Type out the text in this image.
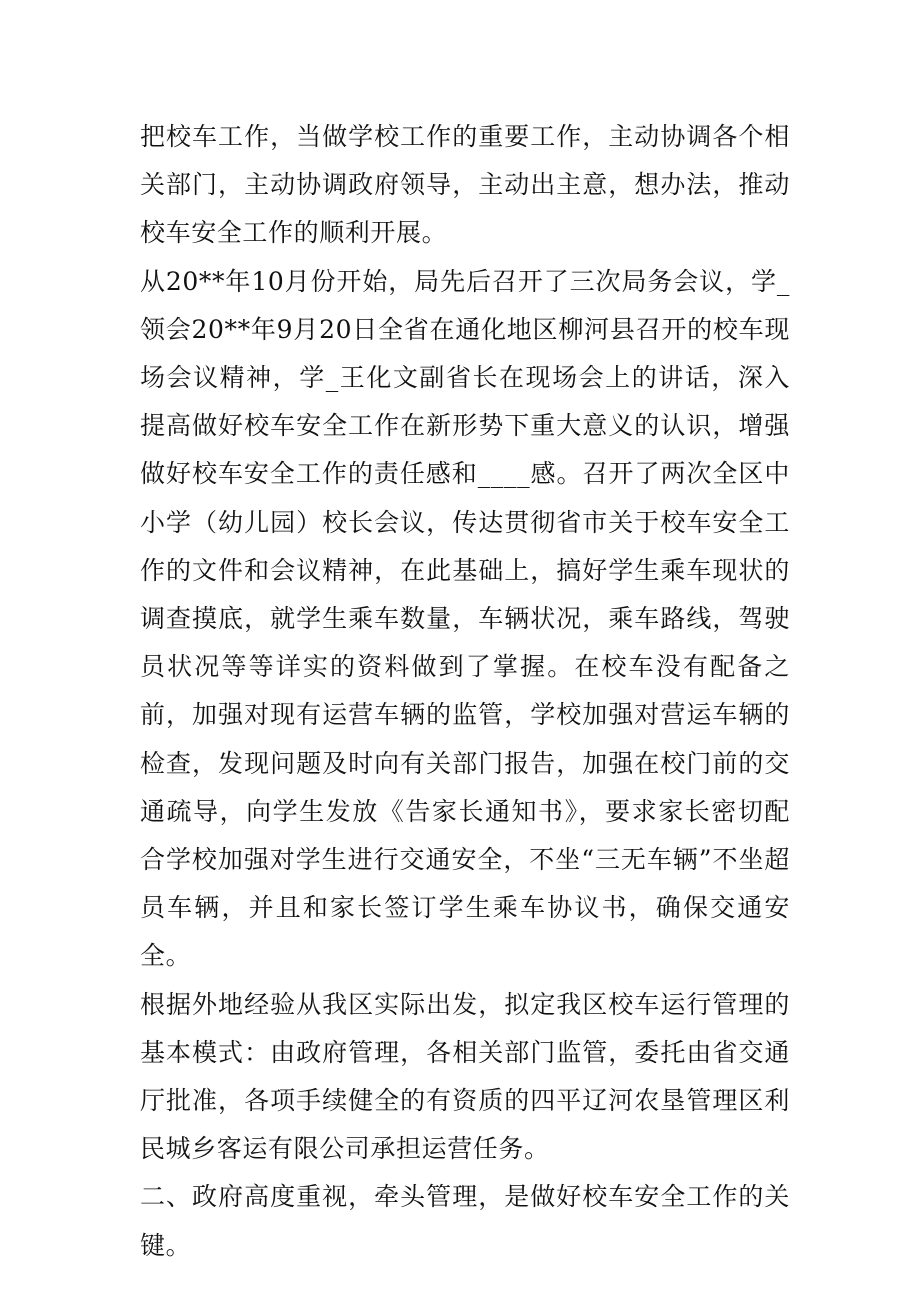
把校车工作，当做学校工作的重要工作，主动协调各个相关部门，主动协调政府领导，主动出主意，想办法，推动校车安全工作的顺利开展。

从20**年10月份开始，局先后召开了三次局务会议，学_领会20**年9月20日全省在通化地区柳河县召开的校车现场会议精神，学_王化文副省长在现场会上的讲话，深入提高做好校车安全工作在新形势下重大意义的认识，增强做好校车安全工作的责任感和____感。召开了两次全区中小学（幼儿园）校长会议，传达贯彻省市关于校车安全工作的文件和会议精神，在此基础上，搞好学生乘车现状的调查摸底，就学生乘车数量，车辆状况，乘车路线，驾驶员状况等等详实的资料做到了掌握。在校车没有配备之前，加强对现有运营车辆的监管，学校加强对营运车辆的检查，发现问题及时向有关部门报告，加强在校门前的交通疏导，向学生发放《告家长通知书》，要求家长密切配合学校加强对学生进行交通安全，不坐“三无车辆”不坐超员车辆，并且和家长签订学生乘车协议书，确保交通安全。

根据外地经验从我区实际出发，拟定我区校车运行管理的基本模式：由政府管理，各相关部门监管，委托由省交通厅批准，各项手续健全的有资质的四平辽河农垦管理区利民城乡客运有限公司承担运营任务。

二、政府高度重视，牵头管理，是做好校车安全工作的关键。
